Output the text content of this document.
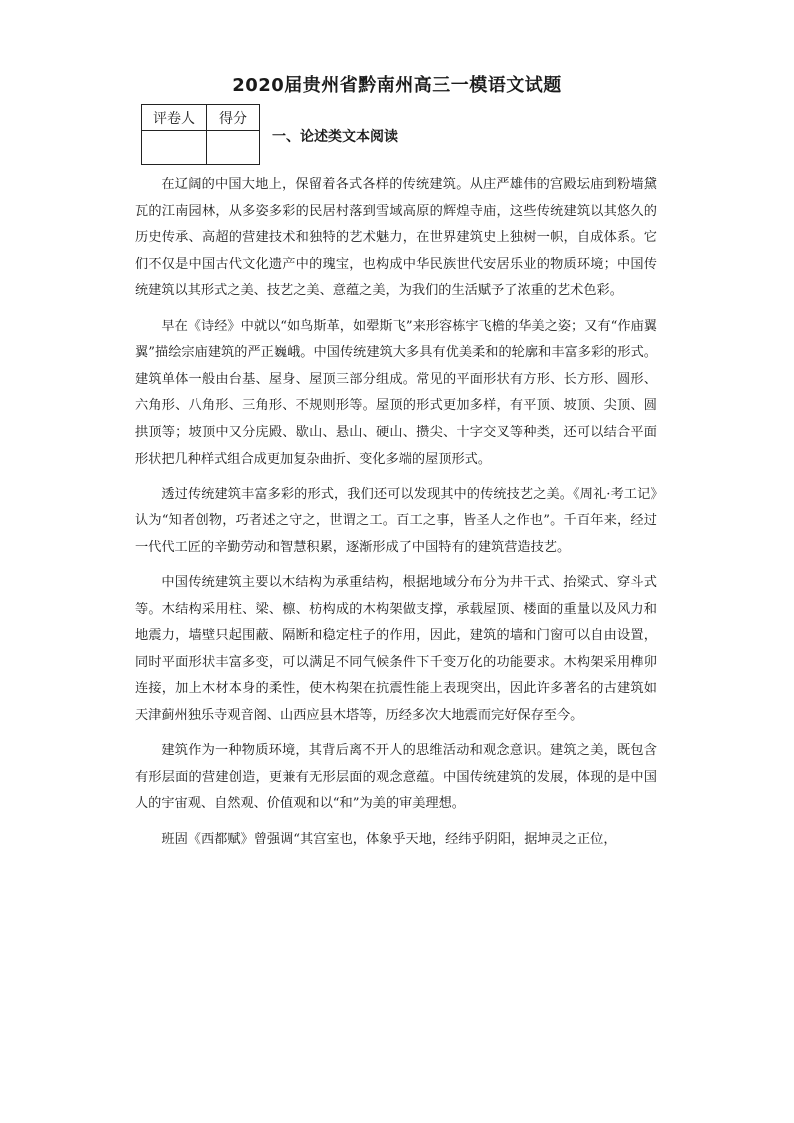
2020届贵州省黔南州高三一模语文试题
评卷人	得分

一、论述类文本阅读

在辽阔的中国大地上，保留着各式各样的传统建筑。从庄严雄伟的宫殿坛庙到粉墙黛瓦的江南园林，从多姿多彩的民居村落到雪域高原的辉煌寺庙，这些传统建筑以其悠久的历史传承、高超的营建技术和独特的艺术魅力，在世界建筑史上独树一帜，自成体系。它们不仅是中国古代文化遗产中的瑰宝，也构成中华民族世代安居乐业的物质环境；中国传统建筑以其形式之美、技艺之美、意蕴之美，为我们的生活赋予了浓重的艺术色彩。

早在《诗经》中就以“如鸟斯革，如翚斯飞”来形容栋宇飞檐的华美之姿；又有“作庙翼翼”描绘宗庙建筑的严正巍峨。中国传统建筑大多具有优美柔和的轮廓和丰富多彩的形式。建筑单体一般由台基、屋身、屋顶三部分组成。常见的平面形状有方形、长方形、圆形、六角形、八角形、三角形、不规则形等。屋顶的形式更加多样，有平顶、坡顶、尖顶、圆拱顶等；坡顶中又分庑殿、歇山、悬山、硬山、攒尖、十字交叉等种类，还可以结合平面形状把几种样式组合成更加复杂曲折、变化多端的屋顶形式。

透过传统建筑丰富多彩的形式，我们还可以发现其中的传统技艺之美。《周礼·考工记》认为“知者创物，巧者述之守之，世谓之工。百工之事，皆圣人之作也”。千百年来，经过一代代工匠的辛勤劳动和智慧积累，逐渐形成了中国特有的建筑营造技艺。

中国传统建筑主要以木结构为承重结构，根据地域分布分为井干式、抬梁式、穿斗式等。木结构采用柱、梁、檩、枋构成的木构架做支撑，承载屋顶、楼面的重量以及风力和地震力，墙壁只起围蔽、隔断和稳定柱子的作用，因此，建筑的墙和门窗可以自由设置，同时平面形状丰富多变，可以满足不同气候条件下千变万化的功能要求。木构架采用榫卯连接，加上木材本身的柔性，使木构架在抗震性能上表现突出，因此许多著名的古建筑如天津蓟州独乐寺观音阁、山西应县木塔等，历经多次大地震而完好保存至今。

建筑作为一种物质环境，其背后离不开人的思维活动和观念意识。建筑之美，既包含有形层面的营建创造，更兼有无形层面的观念意蕴。中国传统建筑的发展，体现的是中国人的宇宙观、自然观、价值观和以“和”为美的审美理想。

班固《西都赋》曾强调“其宫室也，体象乎天地，经纬乎阴阳，据坤灵之正位，
